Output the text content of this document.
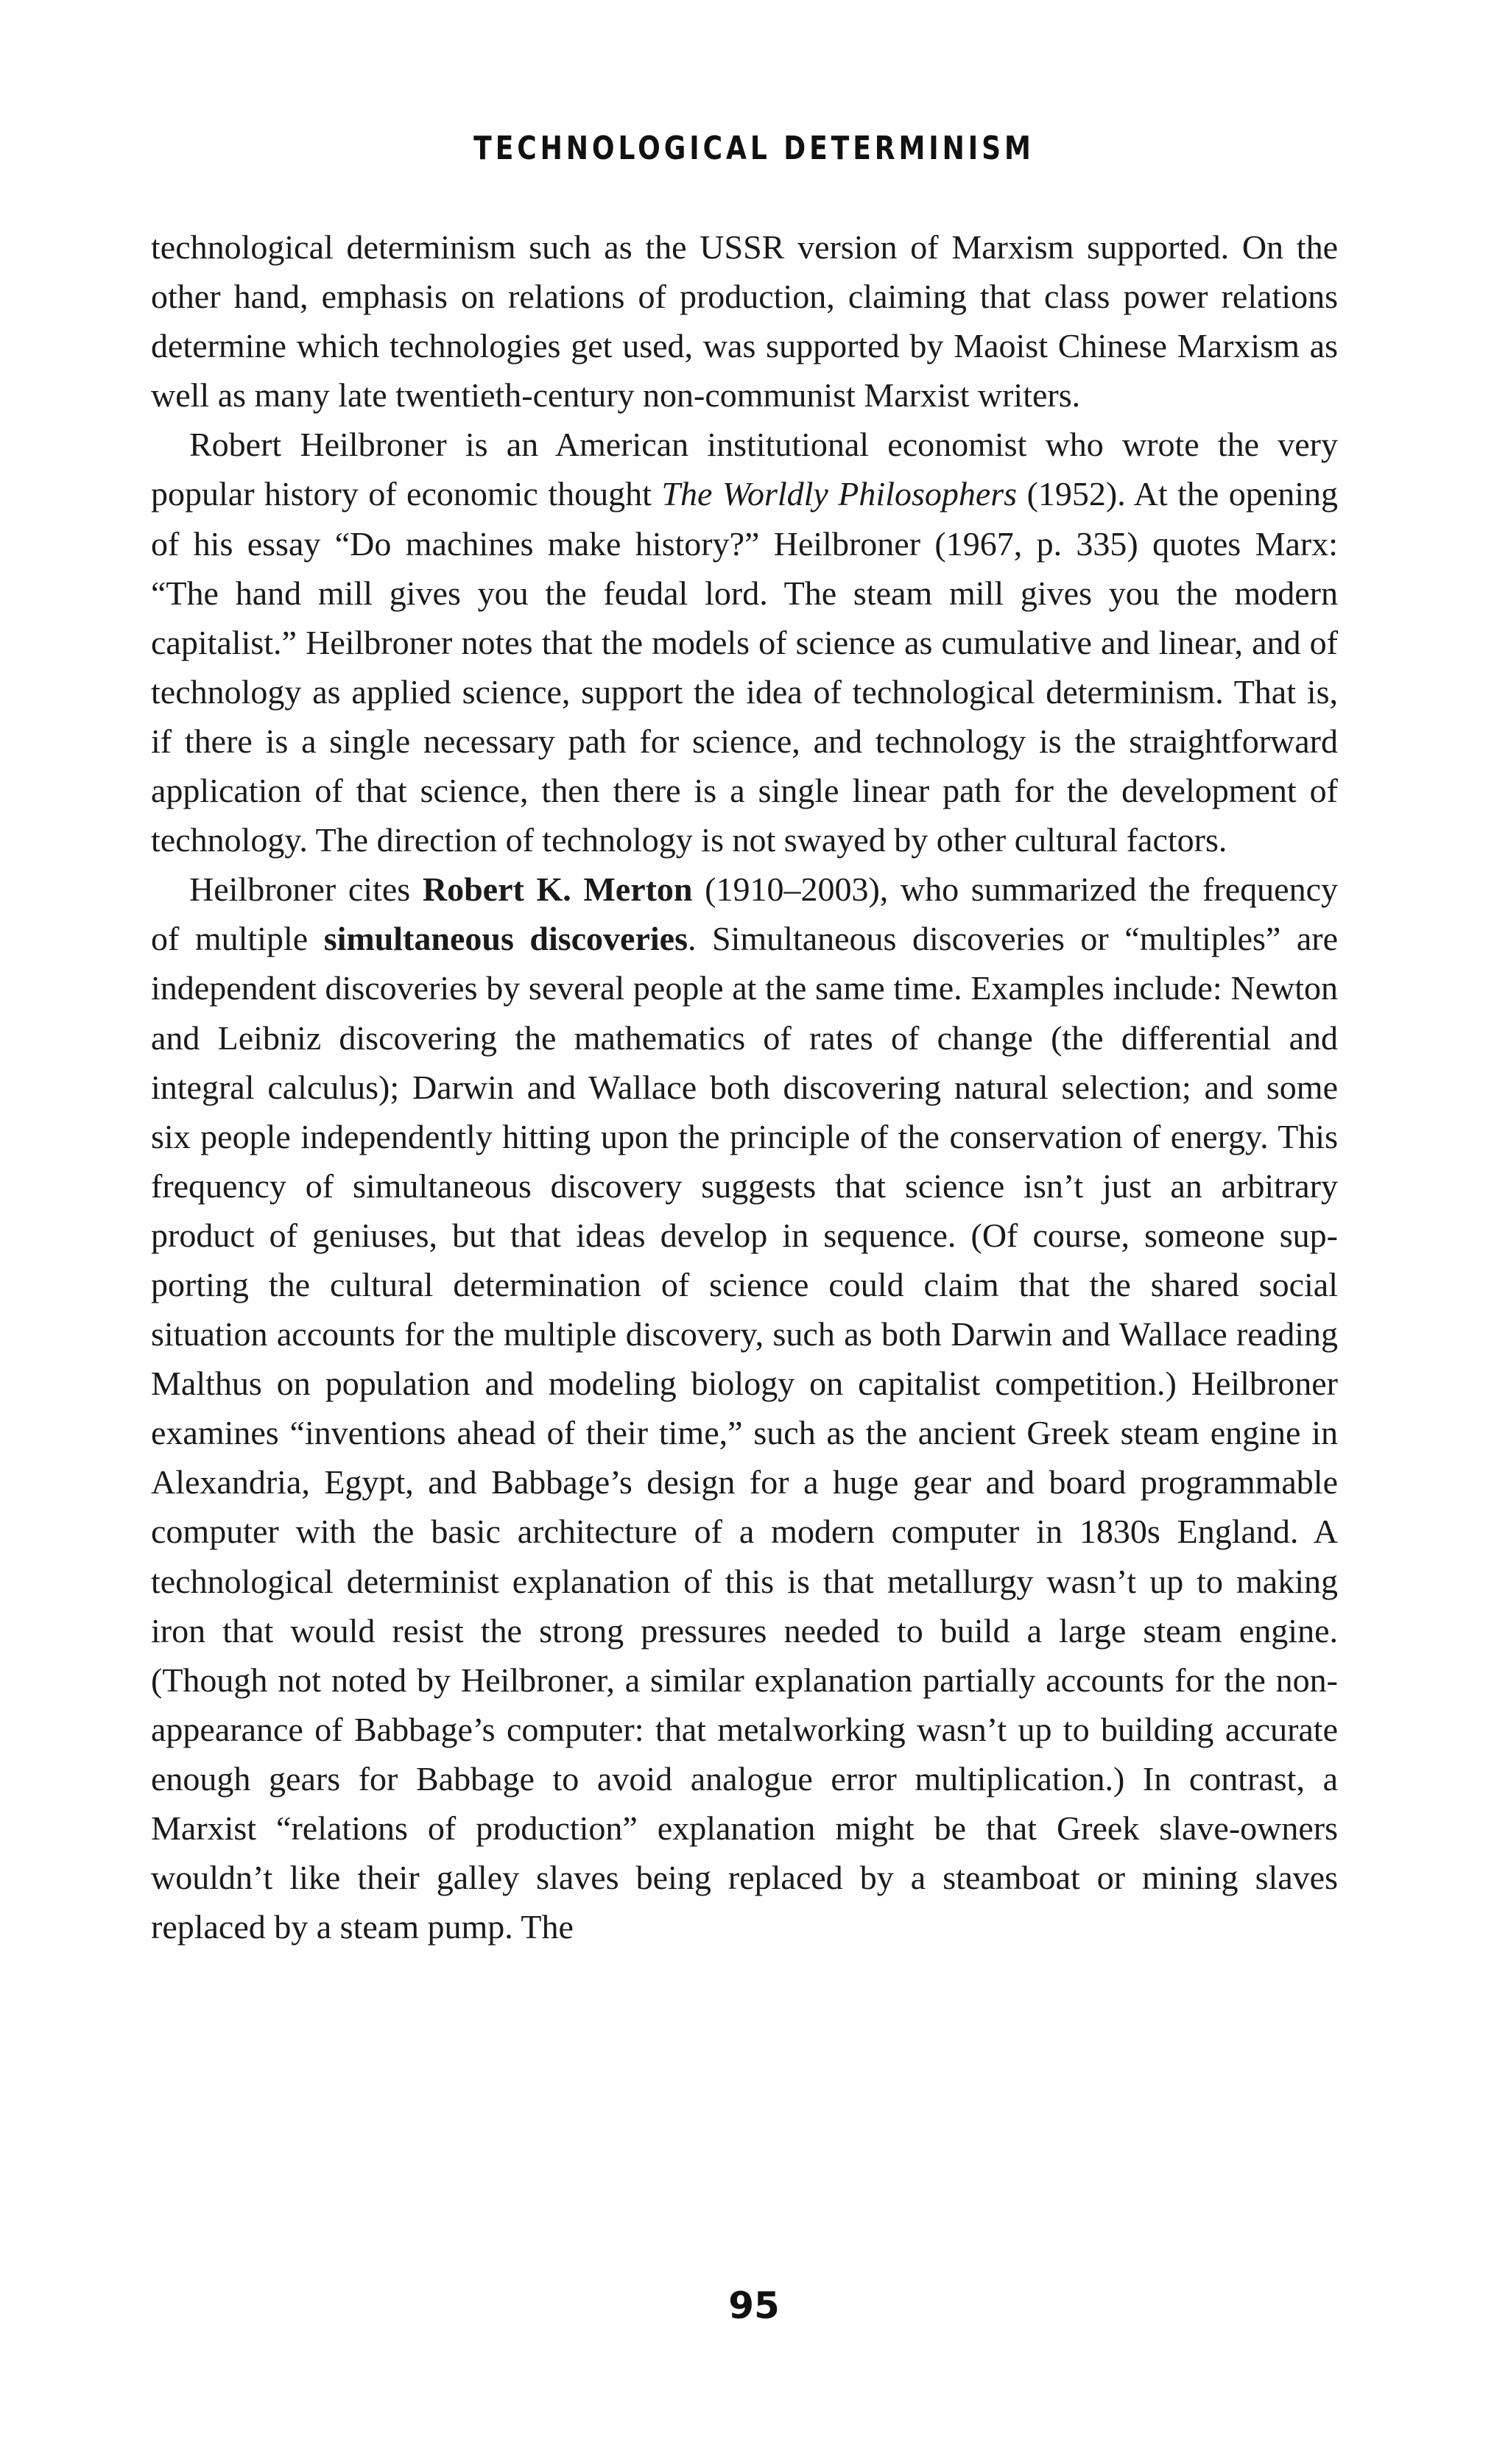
TECHNOLOGICAL DETERMINISM

technological determinism such as the USSR version of Marxism supported. On the other hand, emphasis on relations of production, claiming that class power relations determine which technologies get used, was supported by Maoist Chinese Marxism as well as many late twentieth-century non-communist Marxist writers.

Robert Heilbroner is an American institutional economist who wrote the very popular history of economic thought The Worldly Philosophers (1952). At the opening of his essay “Do machines make history?” Heilbroner (1967, p. 335) quotes Marx: “The hand mill gives you the feudal lord. The steam mill gives you the modern capitalist.” Heilbroner notes that the models of science as cumulative and linear, and of technology as applied science, support the idea of technological determinism. That is, if there is a single necessary path for science, and technology is the straightforward application of that science, then there is a single linear path for the development of technology. The direction of technology is not swayed by other cultural factors.

Heilbroner cites Robert K. Merton (1910–2003), who summarized the frequency of multiple simultaneous discoveries. Simultaneous discoveries or “multiples” are independent discoveries by several people at the same time. Examples include: Newton and Leibniz discovering the mathematics of rates of change (the differential and integral calculus); Darwin and Wallace both discovering natural selection; and some six people independently hitting upon the principle of the conservation of energy. This frequency of simultaneous discovery suggests that science isn’t just an arbitrary product of geniuses, but that ideas develop in sequence. (Of course, someone supporting the cultural determination of science could claim that the shared social situation accounts for the multiple discovery, such as both Darwin and Wallace reading Malthus on population and modeling biology on capitalist competition.) Heilbroner examines “inventions ahead of their time,” such as the ancient Greek steam engine in Alexandria, Egypt, and Babbage’s design for a huge gear and board programmable computer with the basic architecture of a modern computer in 1830s England. A technological determinist explanation of this is that metallurgy wasn’t up to making iron that would resist the strong pressures needed to build a large steam engine. (Though not noted by Heilbroner, a similar explanation partially accounts for the non-appearance of Babbage’s computer: that metalworking wasn’t up to building accurate enough gears for Babbage to avoid analogue error multiplication.) In contrast, a Marxist “relations of production” explanation might be that Greek slave-owners wouldn’t like their galley slaves being replaced by a steamboat or mining slaves replaced by a steam pump. The

95
